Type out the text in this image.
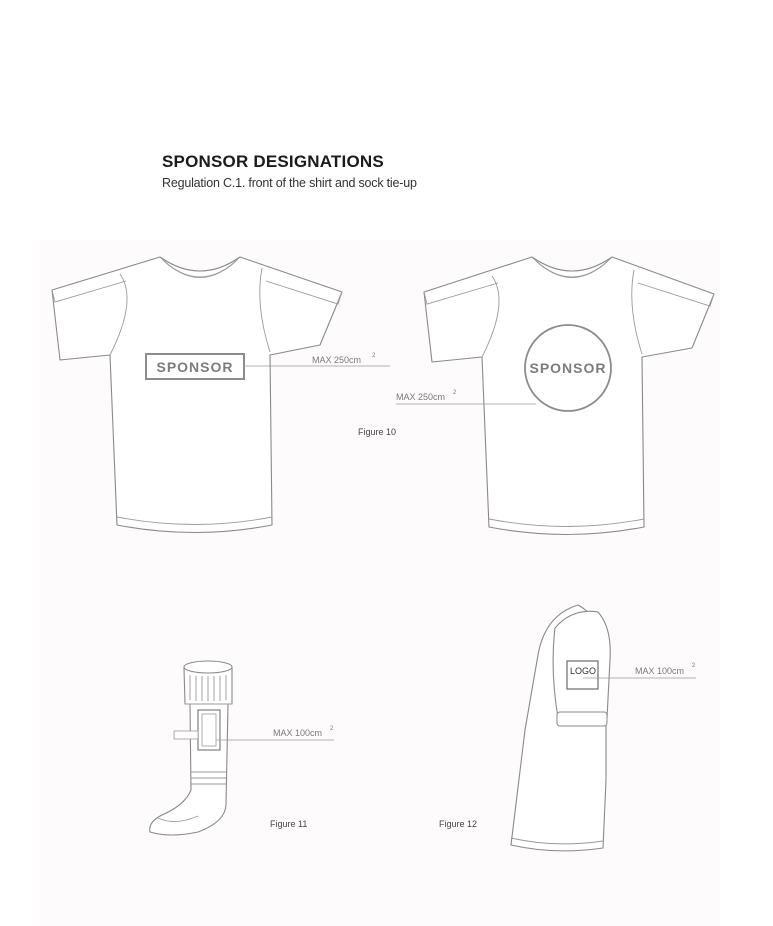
SPONSOR DESIGNATIONS
Regulation C.1. front of the shirt and sock tie-up
SPONSOR	MAX 250cm 2
SPONSOR
MAX 250cm 2
Figure 10
MAX 100cm 2
Figure 11
LOGO	MAX 100cm 2
Figure 12
